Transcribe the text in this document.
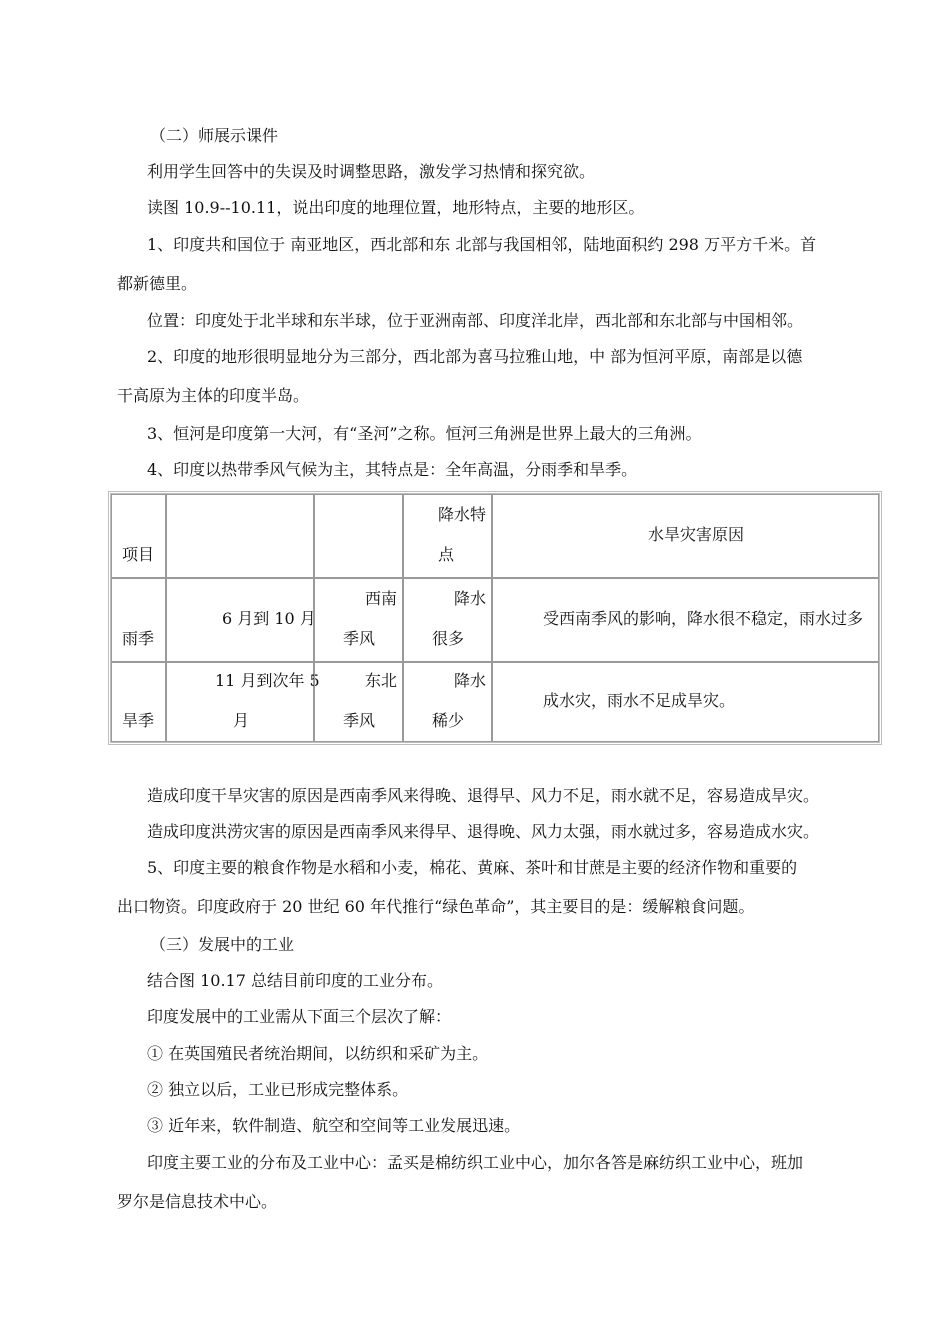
（二）师展示课件

利用学生回答中的失误及时调整思路，激发学习热情和探究欲。

读图 10.9--10.11，说出印度的地理位置，地形特点，主要的地形区。

1、印度共和国位于 南亚地区，西北部和东 北部与我国相邻，陆地面积约 298 万平方千米。首

都新德里。

位置：印度处于北半球和东半球，位于亚洲南部、印度洋北岸，西北部和东北部与中国相邻。

2、印度的地形很明显地分为三部分，西北部为喜马拉雅山地，中 部为恒河平原，南部是以德

干高原为主体的印度半岛。

3、恒河是印度第一大河，有“圣河”之称。恒河三角洲是世界上最大的三角洲。

4、印度以热带季风气候为主，其特点是：全年高温，分雨季和旱季。

项目
降水特
点
水旱灾害原因
雨季
6 月到 10 月
西南
季风
降水
很多
受西南季风的影响，降水很不稳定，雨水过多
旱季
11 月到次年 5
月
东北
季风
降水
稀少
成水灾，雨水不足成旱灾。

造成印度干旱灾害的原因是西南季风来得晚、退得早、风力不足，雨水就不足，容易造成旱灾。

造成印度洪涝灾害的原因是西南季风来得早、退得晚、风力太强，雨水就过多，容易造成水灾。

5、印度主要的粮食作物是水稻和小麦，棉花、黄麻、茶叶和甘蔗是主要的经济作物和重要的

出口物资。印度政府于 20 世纪 60 年代推行“绿色革命”，其主要目的是：缓解粮食问题。

（三）发展中的工业

结合图 10.17 总结目前印度的工业分布。

印度发展中的工业需从下面三个层次了解：

① 在英国殖民者统治期间，以纺织和采矿为主。

② 独立以后，工业已形成完整体系。

③ 近年来，软件制造、航空和空间等工业发展迅速。

印度主要工业的分布及工业中心：孟买是棉纺织工业中心，加尔各答是麻纺织工业中心，班加

罗尔是信息技术中心。
